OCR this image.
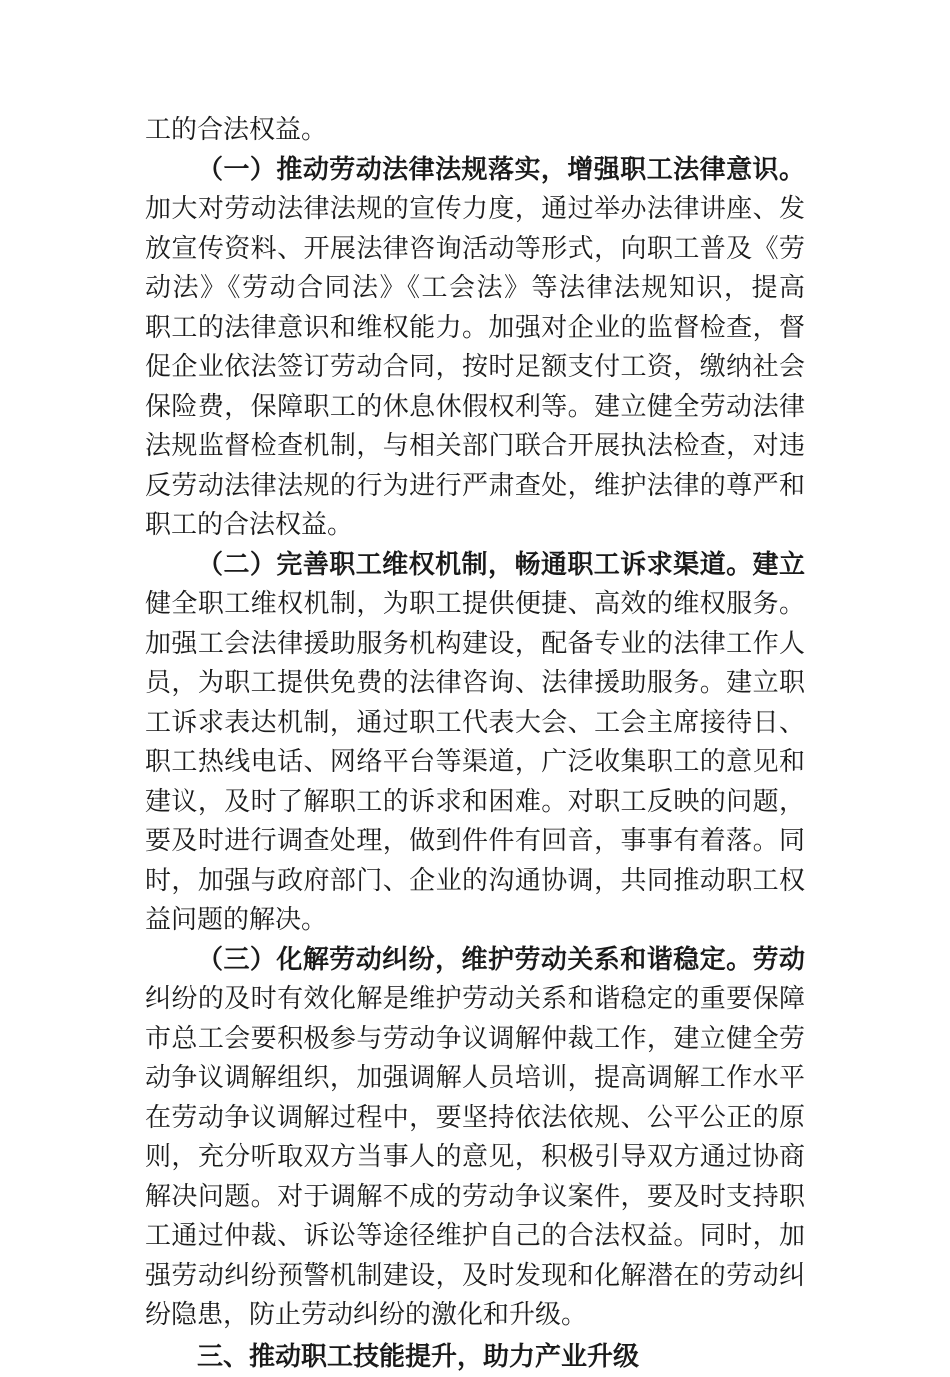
工的合法权益。
（一）推动劳动法律法规落实，增强职工法律意识。
加大对劳动法律法规的宣传力度，通过举办法律讲座、发
放宣传资料、开展法律咨询活动等形式，向职工普及《劳
动法》《劳动合同法》《工会法》等法律法规知识，提高
职工的法律意识和维权能力。加强对企业的监督检查，督
促企业依法签订劳动合同，按时足额支付工资，缴纳社会
保险费，保障职工的休息休假权利等。建立健全劳动法律
法规监督检查机制，与相关部门联合开展执法检查，对违
反劳动法律法规的行为进行严肃查处，维护法律的尊严和
职工的合法权益。
（二）完善职工维权机制，畅通职工诉求渠道。建立
健全职工维权机制，为职工提供便捷、高效的维权服务。
加强工会法律援助服务机构建设，配备专业的法律工作人
员，为职工提供免费的法律咨询、法律援助服务。建立职
工诉求表达机制，通过职工代表大会、工会主席接待日、
职工热线电话、网络平台等渠道，广泛收集职工的意见和
建议，及时了解职工的诉求和困难。对职工反映的问题，
要及时进行调查处理，做到件件有回音，事事有着落。同
时，加强与政府部门、企业的沟通协调，共同推动职工权
益问题的解决。
（三）化解劳动纠纷，维护劳动关系和谐稳定。劳动
纠纷的及时有效化解是维护劳动关系和谐稳定的重要保障
市总工会要积极参与劳动争议调解仲裁工作，建立健全劳
动争议调解组织，加强调解人员培训，提高调解工作水平
在劳动争议调解过程中，要坚持依法依规、公平公正的原
则，充分听取双方当事人的意见，积极引导双方通过协商
解决问题。对于调解不成的劳动争议案件，要及时支持职
工通过仲裁、诉讼等途径维护自己的合法权益。同时，加
强劳动纠纷预警机制建设，及时发现和化解潜在的劳动纠
纷隐患，防止劳动纠纷的激化和升级。
三、推动职工技能提升，助力产业升级
